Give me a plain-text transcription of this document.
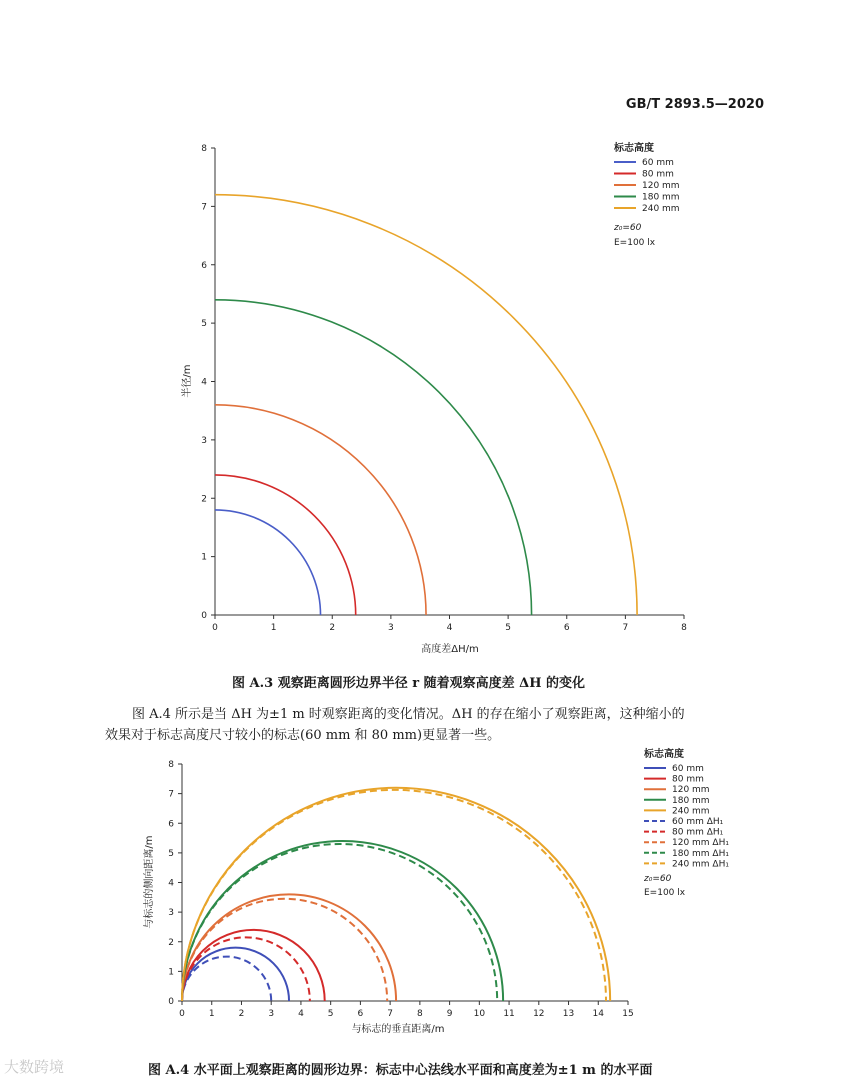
GB/T 2893.5—2020
0	1	2	3	4	5	6	7	8
0
1
2
3
4
5
6
7
8
高度差ΔH/m
半径/m
标志高度
60 mm
80 mm
120 mm
180 mm
240 mm
z₀=60
E=100 lx
图 A.3 观察距离圆形边界半径 r 随着观察高度差 ΔH 的变化
图 A.4 所示是当 ΔH 为±1 m 时观察距离的变化情况。ΔH 的存在缩小了观察距离，这种缩小的
效果对于标志高度尺寸较小的标志(60 mm 和 80 mm)更显著一些。
0	1	2	3	4	5	6	7	8	9 10 11 12 13 14 15
0
1
2
3
4
5
6
7
8
与标志的垂直距离/m
与标志的侧向距离/m
标志高度
60 mm
80 mm
120 mm
180 mm
240 mm
60 mm ΔH₁
80 mm ΔH₁
120 mm ΔH₁
180 mm ΔH₁
240 mm ΔH₁
z₀=60
E=100 lx
图 A.4 水平面上观察距离的圆形边界：标志中心法线水平面和高度差为±1 m 的水平面
大数跨境
